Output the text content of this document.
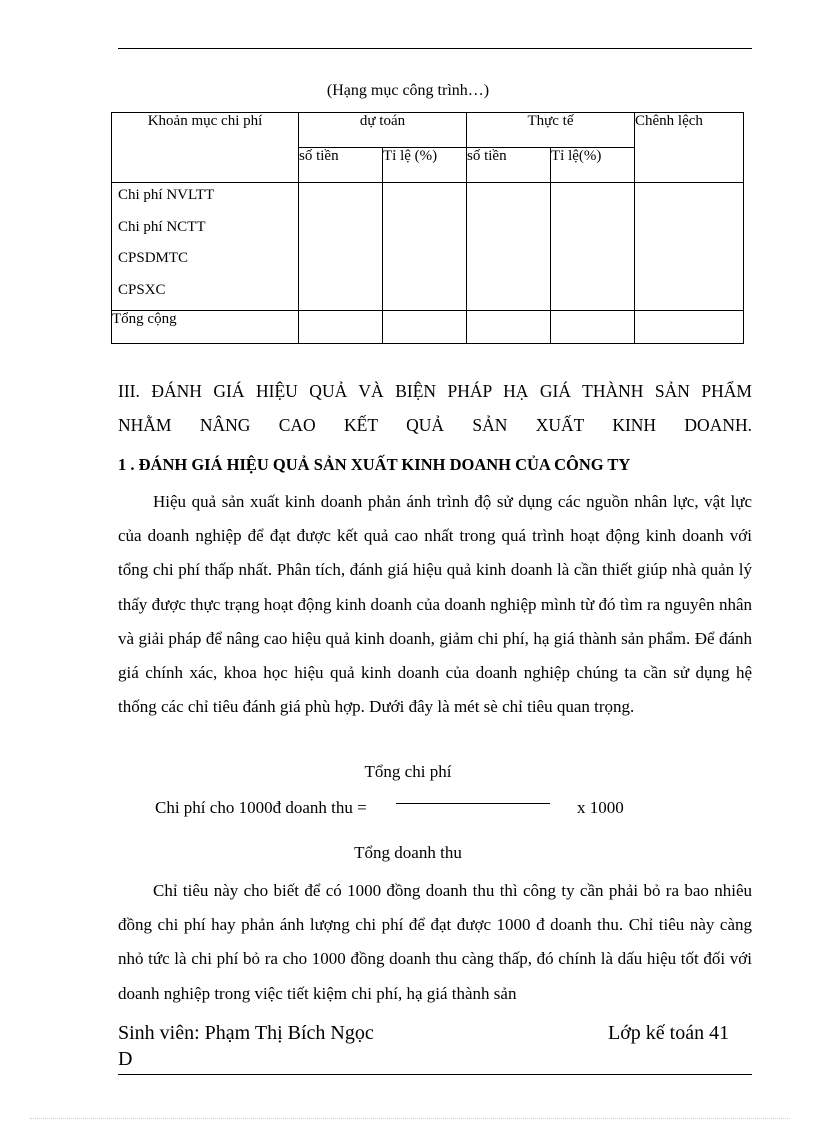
(Hạng mục công trình…)
Khoản mục chi phí	dự toán		Thực tế		Chênh lệch
	số tiền	Tỉ lệ (%)	số tiền	Tỉ lệ(%)	

Chi phí NVLTT
Chi phí NCTT
CPSDMTC
CPSXC					

Tổng cộng					
III. ĐÁNH GIÁ HIỆU QUẢ VÀ BIỆN PHÁP HẠ GIÁ THÀNH SẢN PHẨM
NHẰM NÂNG CAO KẾT QUẢ SẢN XUẤT KINH DOANH.
1 . ĐÁNH GIÁ HIỆU QUẢ SẢN XUẤT KINH DOANH CỦA CÔNG TY
Hiệu quả sản xuất kinh doanh phản ánh trình độ sử dụng các nguồn nhân lực, vật lực của doanh nghiệp để đạt được kết quả cao nhất trong quá trình hoạt động kinh doanh với tổng chi phí thấp nhất. Phân tích, đánh giá hiệu quả kinh doanh là cần thiết giúp nhà quản lý thấy được thực trạng hoạt động kinh doanh của doanh nghiệp mình từ đó tìm ra nguyên nhân và giải pháp để nâng cao hiệu quả kinh doanh, giảm chi phí, hạ giá thành sản phẩm. Để đánh giá chính xác, khoa học hiệu quả kinh doanh của doanh nghiệp chúng ta cần sử dụng hệ thống các chỉ tiêu đánh giá phù hợp. Dưới đây là mét sè chỉ tiêu quan trọng.
Tổng chi phí
Chi phí cho 1000đ doanh thu =	x 1000
Tổng doanh thu
Chỉ tiêu này cho biết để có 1000 đồng doanh thu thì công ty cần phải bỏ ra bao nhiêu đồng chi phí hay phản ánh lượng chi phí để đạt được 1000 đ doanh thu. Chỉ tiêu này càng nhỏ tức là chi phí bỏ ra cho 1000 đồng doanh thu càng thấp, đó chính là dấu hiệu tốt đối với doanh nghiệp trong việc tiết kiệm chi phí, hạ giá thành sản
Sinh viên: Phạm Thị Bích Ngọc
D
Lớp kế toán 41
